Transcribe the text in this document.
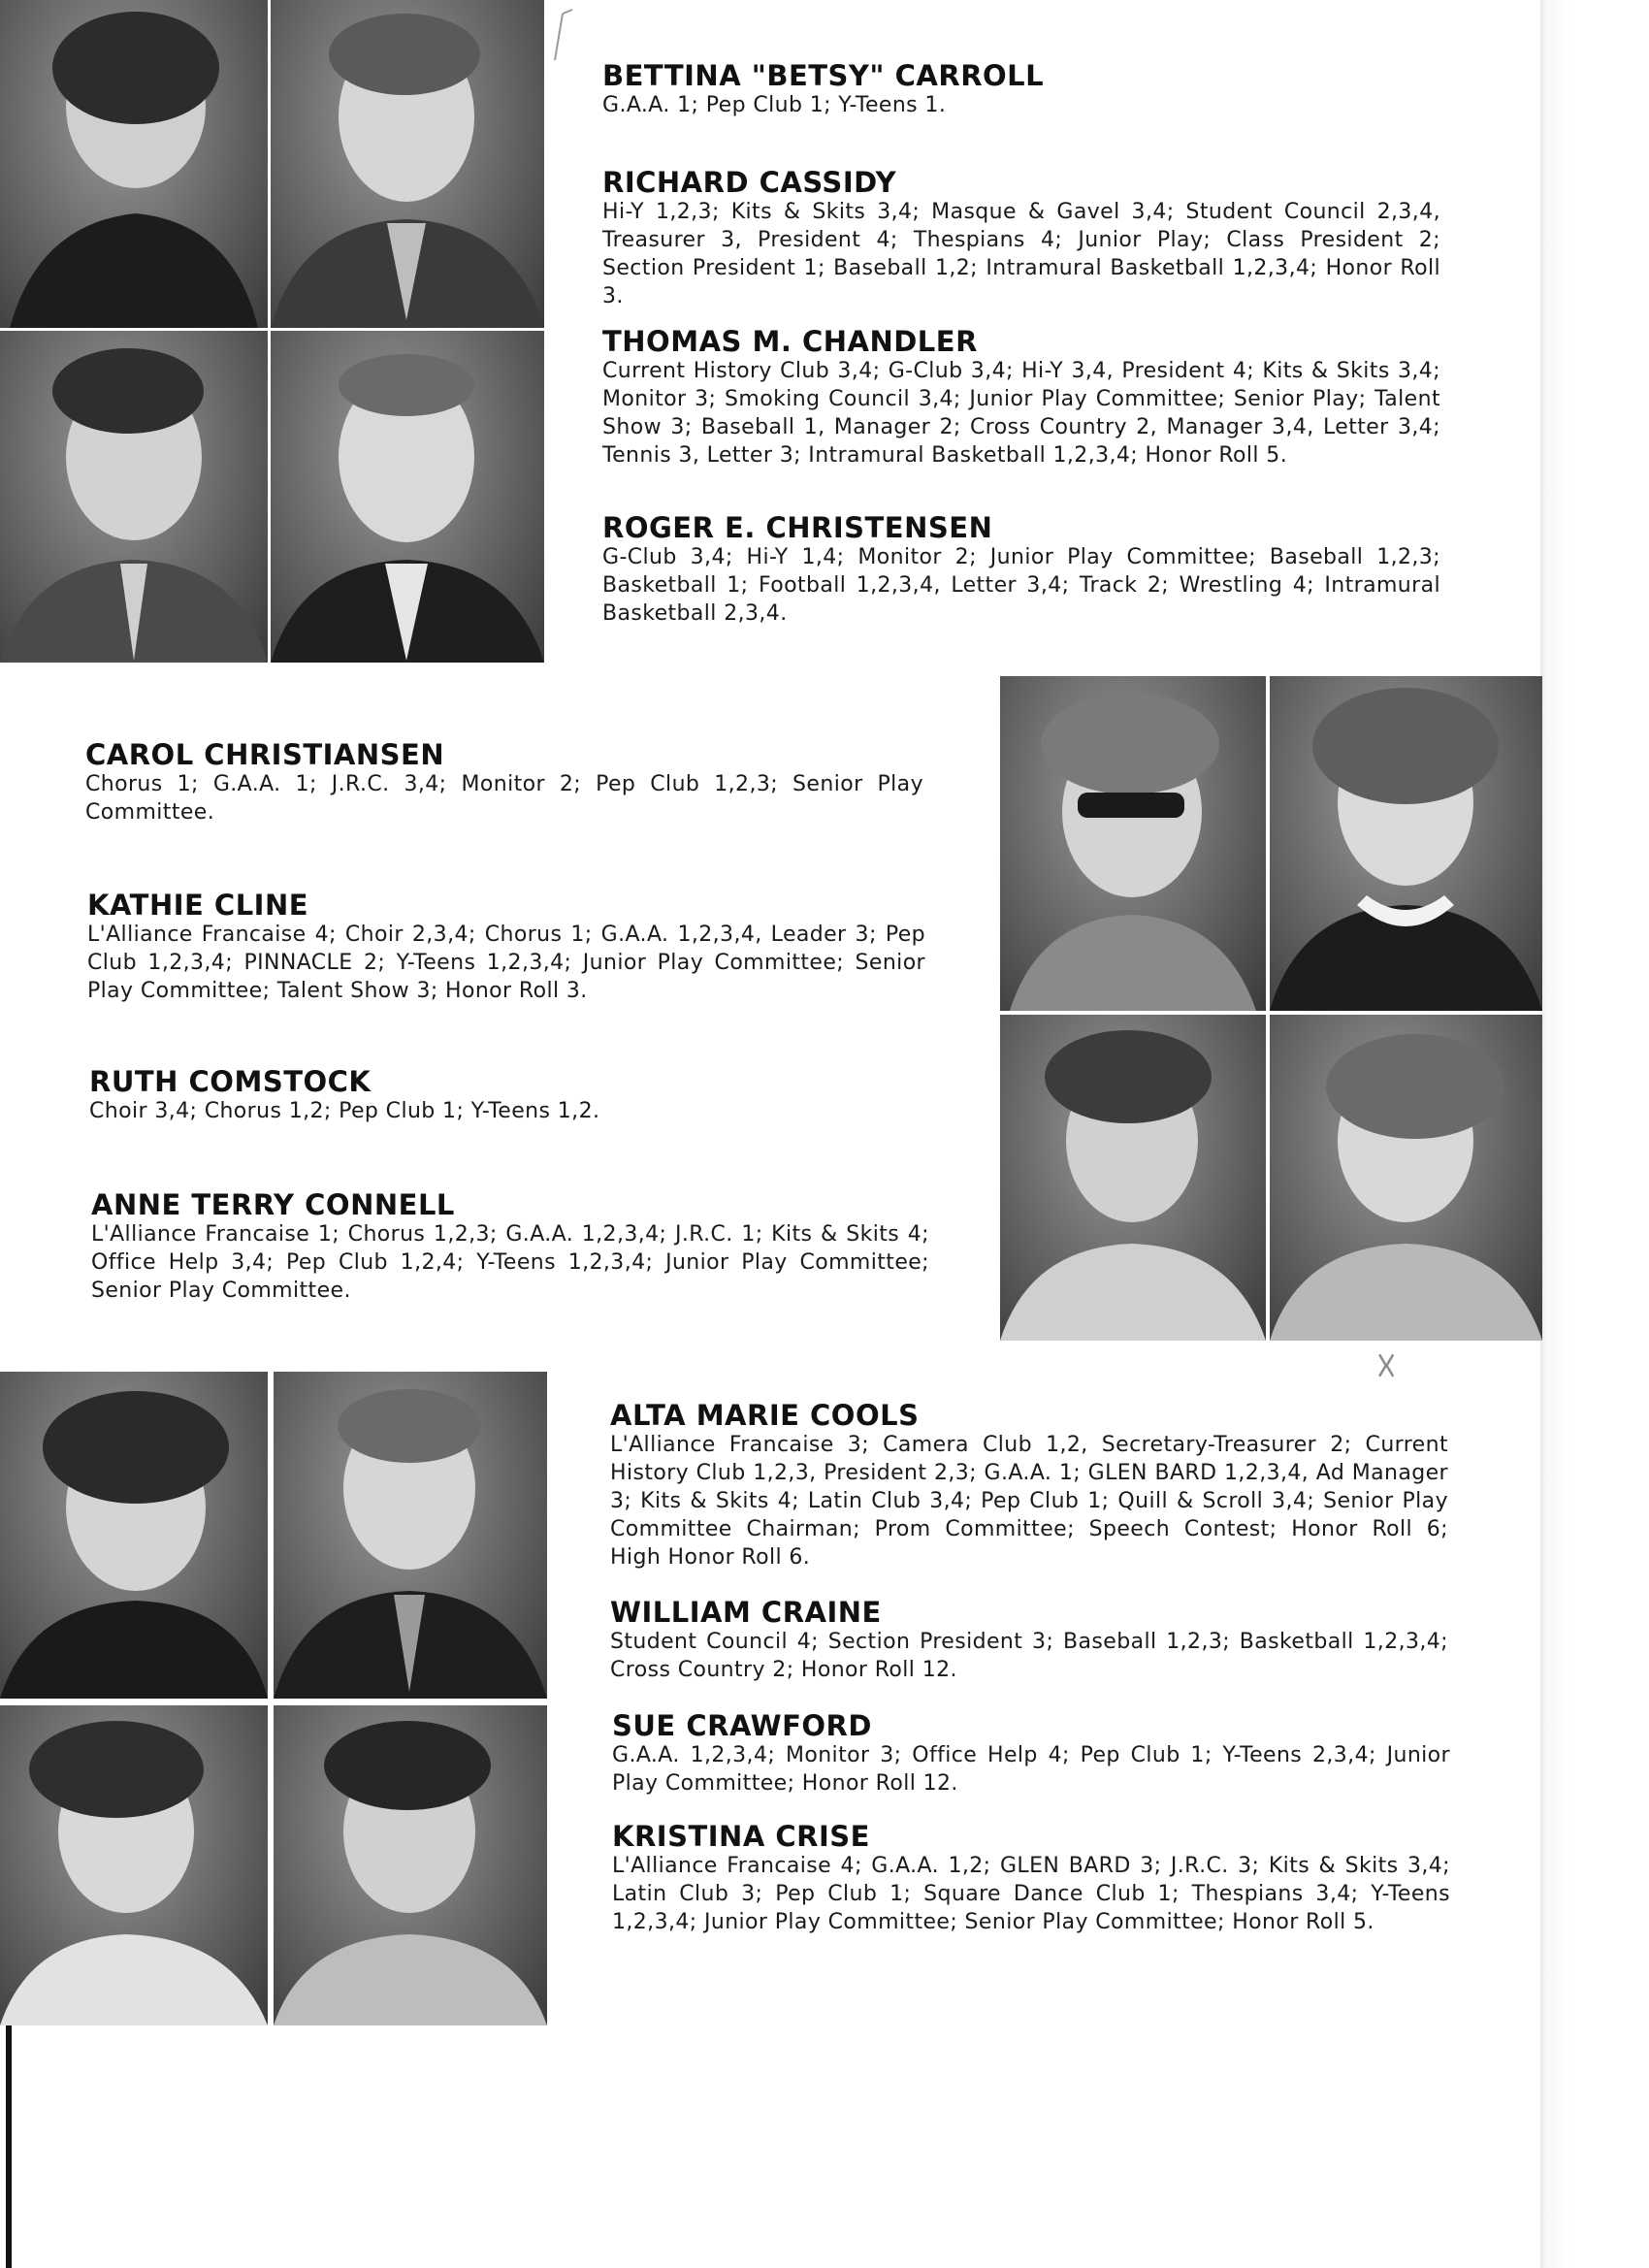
☓
BETTINA "BETSY" CARROLL
G.A.A. 1; Pep Club 1; Y-Teens 1.
RICHARD CASSIDY
Hi-Y 1,2,3; Kits & Skits 3,4; Masque & Gavel 3,4; Student Council 2,3,4, Treasurer 3, President 4; Thespians 4; Junior Play; Class President 2; Section President 1; Baseball 1,2; Intramural Basketball 1,2,3,4; Honor Roll 3.
THOMAS M. CHANDLER
Current History Club 3,4; G-Club 3,4; Hi-Y 3,4, President 4; Kits & Skits 3,4; Monitor 3; Smoking Council 3,4; Junior Play Committee; Senior Play; Talent Show 3; Baseball 1, Manager 2; Cross Country 2, Manager 3,4, Letter 3,4; Tennis 3, Letter 3; Intramural Basketball 1,2,3,4; Honor Roll 5.
ROGER E. CHRISTENSEN
G-Club 3,4; Hi-Y 1,4; Monitor 2; Junior Play Committee; Baseball 1,2,3; Basketball 1; Football 1,2,3,4, Letter 3,4; Track 2; Wrestling 4; Intramural Basketball 2,3,4.
CAROL CHRISTIANSEN
Chorus 1; G.A.A. 1; J.R.C. 3,4; Monitor 2; Pep Club 1,2,3; Senior Play Committee.
KATHIE CLINE
L'Alliance Francaise 4; Choir 2,3,4; Chorus 1; G.A.A. 1,2,3,4, Leader 3; Pep Club 1,2,3,4; PINNACLE 2; Y-Teens 1,2,3,4; Junior Play Committee; Senior Play Committee; Talent Show 3; Honor Roll 3.
RUTH COMSTOCK
Choir 3,4; Chorus 1,2; Pep Club 1; Y-Teens 1,2.
ANNE TERRY CONNELL
L'Alliance Francaise 1; Chorus 1,2,3; G.A.A. 1,2,3,4; J.R.C. 1; Kits & Skits 4; Office Help 3,4; Pep Club 1,2,4; Y-Teens 1,2,3,4; Junior Play Committee; Senior Play Committee.
ALTA MARIE COOLS
L'Alliance Francaise 3; Camera Club 1,2, Secretary-Treasurer 2; Current History Club 1,2,3, President 2,3; G.A.A. 1; GLEN BARD 1,2,3,4, Ad Manager 3; Kits & Skits 4; Latin Club 3,4; Pep Club 1; Quill & Scroll 3,4; Senior Play Committee Chairman; Prom Committee; Speech Contest; Honor Roll 6; High Honor Roll 6.
WILLIAM CRAINE
Student Council 4; Section President 3; Baseball 1,2,3; Basketball 1,2,3,4; Cross Country 2; Honor Roll 12.
SUE CRAWFORD
G.A.A. 1,2,3,4; Monitor 3; Office Help 4; Pep Club 1; Y-Teens 2,3,4; Junior Play Committee; Honor Roll 12.
KRISTINA CRISE
L'Alliance Francaise 4; G.A.A. 1,2; GLEN BARD 3; J.R.C. 3; Kits & Skits 3,4; Latin Club 3; Pep Club 1; Square Dance Club 1; Thespians 3,4; Y-Teens 1,2,3,4; Junior Play Committee; Senior Play Committee; Honor Roll 5.
